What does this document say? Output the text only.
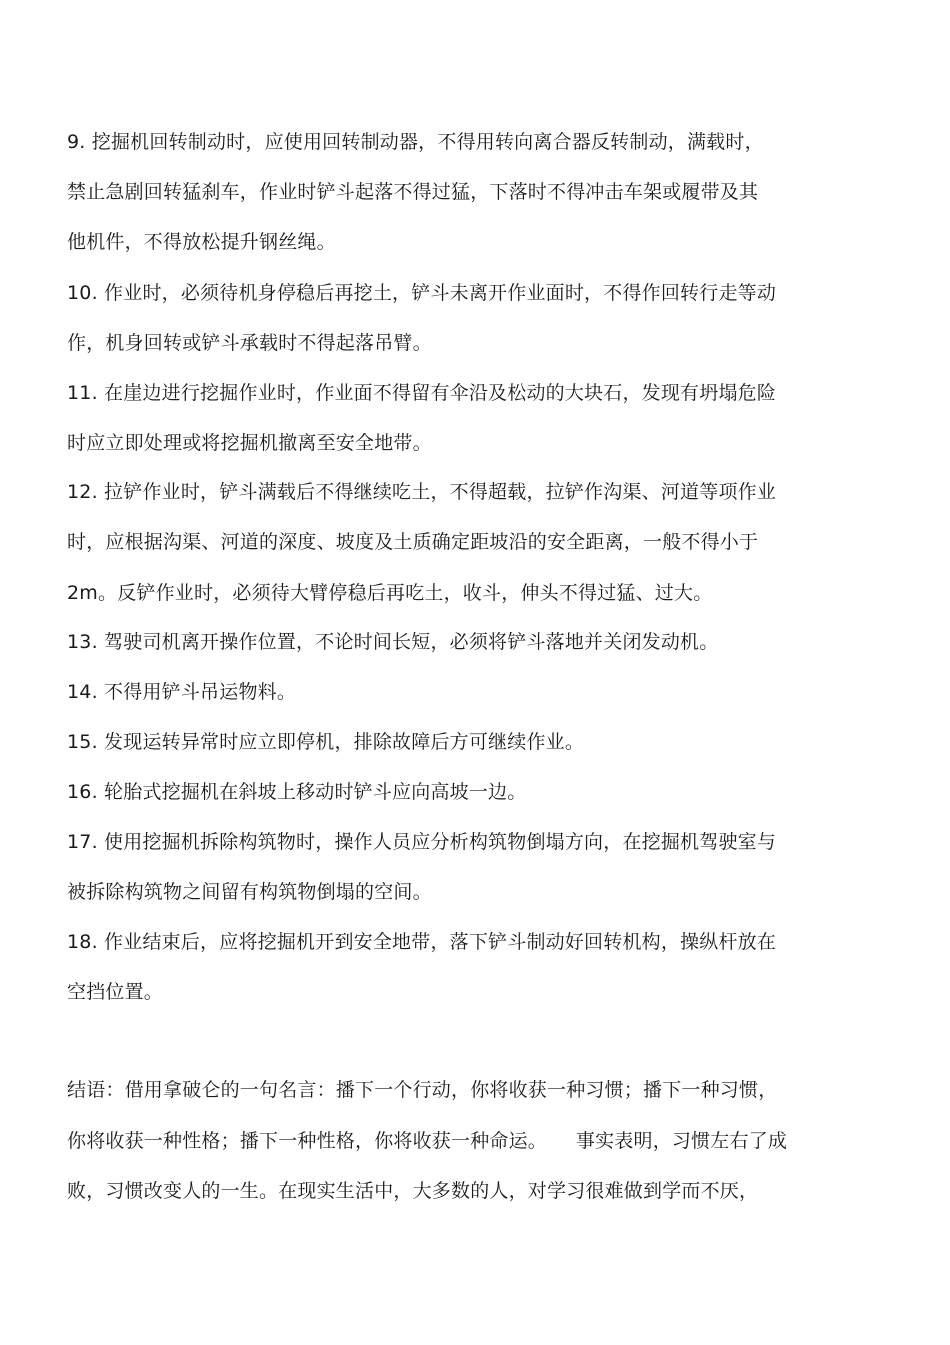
9. 挖掘机回转制动时，应使用回转制动器，不得用转向离合器反转制动，满载时，

禁止急剧回转猛刹车，作业时铲斗起落不得过猛，下落时不得冲击车架或履带及其

他机件，不得放松提升钢丝绳。

10. 作业时，必须待机身停稳后再挖土，铲斗未离开作业面时，不得作回转行走等动

作，机身回转或铲斗承载时不得起落吊臂。

11. 在崖边进行挖掘作业时，作业面不得留有伞沿及松动的大块石，发现有坍塌危险

时应立即处理或将挖掘机撤离至安全地带。

12. 拉铲作业时，铲斗满载后不得继续吃土，不得超载，拉铲作沟渠、河道等项作业

时，应根据沟渠、河道的深度、坡度及土质确定距坡沿的安全距离，一般不得小于

2m。反铲作业时，必须待大臂停稳后再吃土，收斗，伸头不得过猛、过大。

13. 驾驶司机离开操作位置，不论时间长短，必须将铲斗落地并关闭发动机。

14. 不得用铲斗吊运物料。

15. 发现运转异常时应立即停机，排除故障后方可继续作业。

16. 轮胎式挖掘机在斜坡上移动时铲斗应向高坡一边。

17. 使用挖掘机拆除构筑物时，操作人员应分析构筑物倒塌方向，在挖掘机驾驶室与

被拆除构筑物之间留有构筑物倒塌的空间。

18. 作业结束后，应将挖掘机开到安全地带，落下铲斗制动好回转机构，操纵杆放在

空挡位置。

结语：借用拿破仑的一句名言：播下一个行动，你将收获一种习惯；播下一种习惯，

你将收获一种性格；播下一种性格，你将收获一种命运。　　事实表明，习惯左右了成

败，习惯改变人的一生。在现实生活中，大多数的人，对学习很难做到学而不厌，
